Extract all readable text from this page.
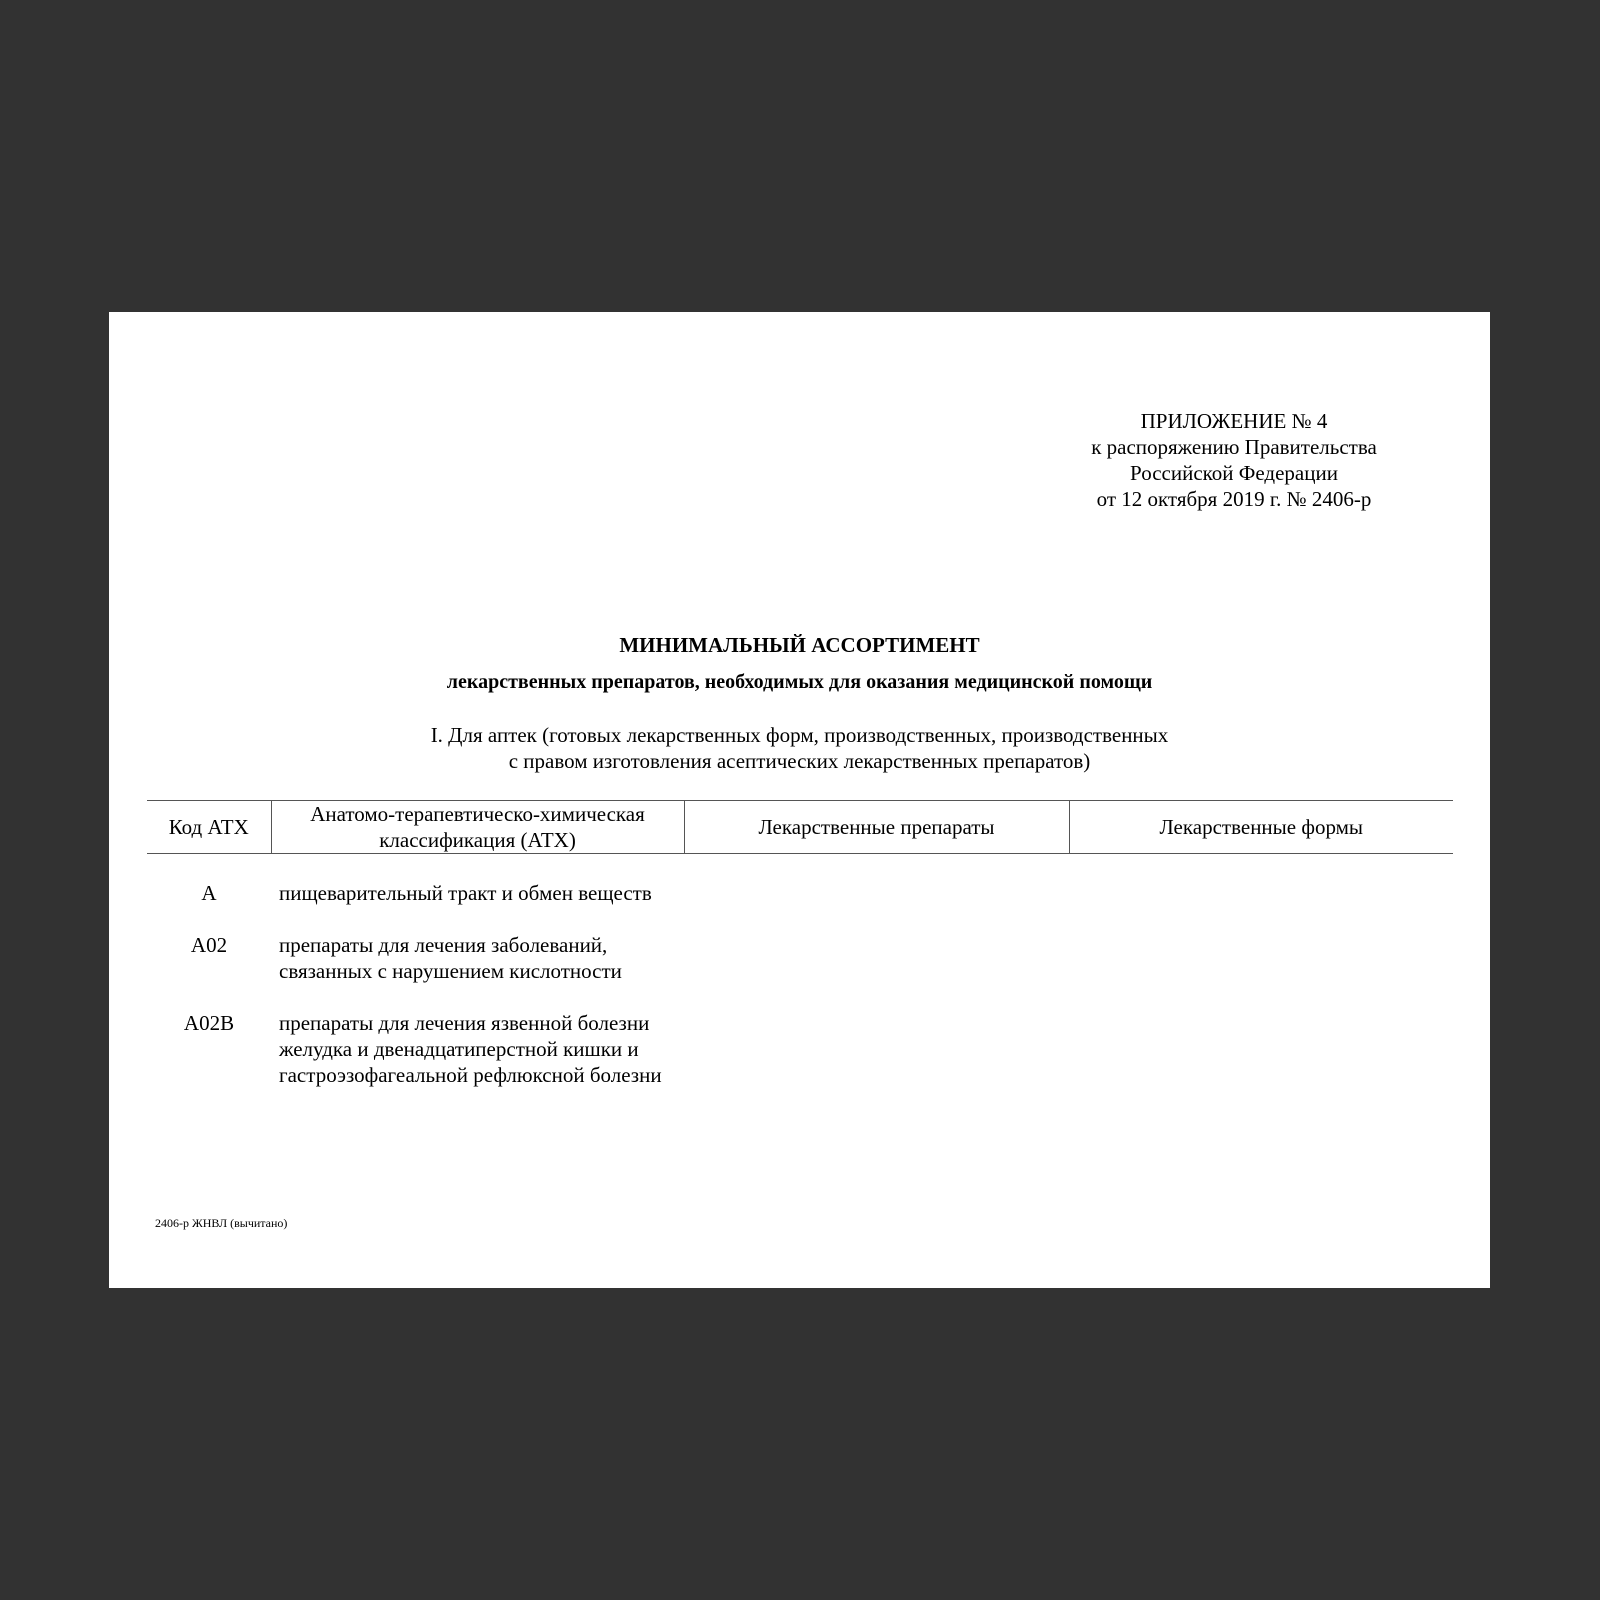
ПРИЛОЖЕНИЕ № 4
к распоряжению Правительства
Российской Федерации
от 12 октября 2019 г. № 2406-р
МИНИМАЛЬНЫЙ АССОРТИМЕНТ
лекарственных препаратов, необходимых для оказания медицинской помощи
I. Для аптек (готовых лекарственных форм, производственных, производственных
с правом изготовления асептических лекарственных препаратов)
Код АТХ	Анатомо-терапевтическо-химическая классификация (АТХ)	Лекарственные препараты	Лекарственные формы
А	пищеварительный тракт и обмен веществ		
А02	препараты для лечения заболеваний, связанных с нарушением кислотности		
А02В	препараты для лечения язвенной болезни желудка и двенадцатиперстной кишки и гастроэзофагеальной рефлюксной болезни		
2406-р ЖНВЛ (вычитано)
